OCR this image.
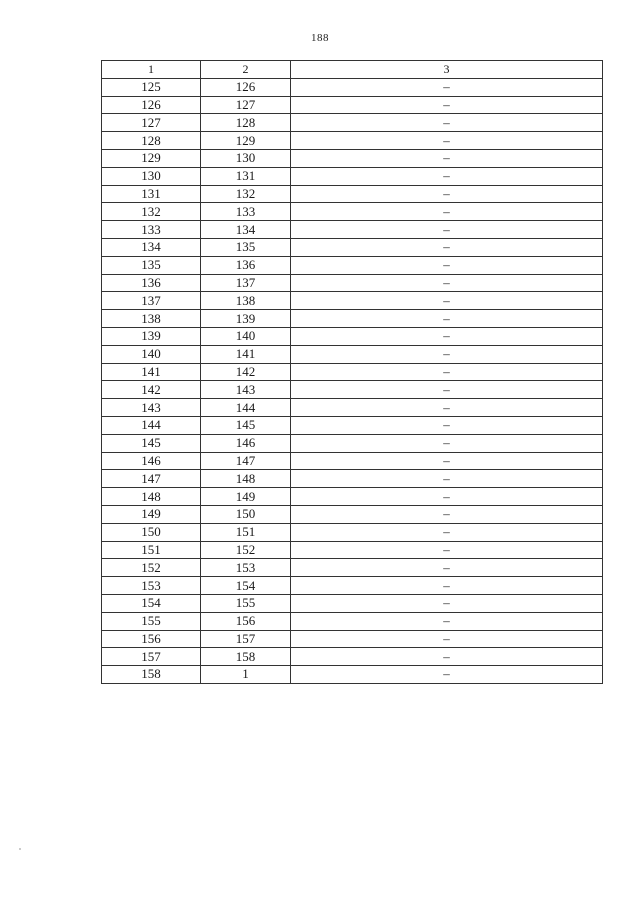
188
1	2	3
125	126	–
126	127	–
127	128	–
128	129	–
129	130	–
130	131	–
131	132	–
132	133	–
133	134	–
134	135	–
135	136	–
136	137	–
137	138	–
138	139	–
139	140	–
140	141	–
141	142	–
142	143	–
143	144	–
144	145	–
145	146	–
146	147	–
147	148	–
148	149	–
149	150	–
150	151	–
151	152	–
152	153	–
153	154	–
154	155	–
155	156	–
156	157	–
157	158	–
158	1	–
